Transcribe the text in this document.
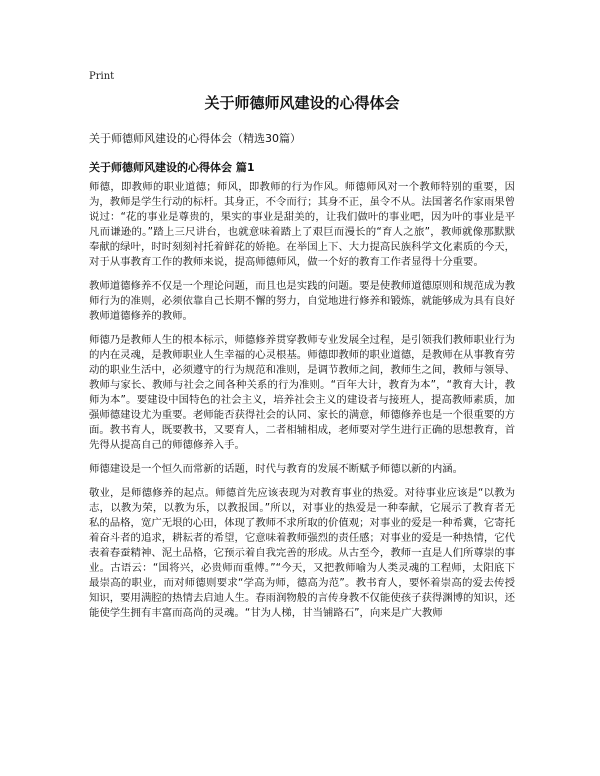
Print
关于师德师风建设的心得体会
关于师德师风建设的心得体会（精选30篇）
关于师德师风建设的心得体会 篇1

师德，即教师的职业道德；师风，即教师的行为作风。师德师风对一个教师特别的重要，因为，教师是学生行动的标杆。其身正，不令而行；其身不正，虽令不从。法国著名作家雨果曾说过：“花的事业是尊贵的，果实的事业是甜美的，让我们做叶的事业吧，因为叶的事业是平凡而谦逊的。”踏上三尺讲台，也就意味着踏上了艰巨而漫长的“育人之旅”，教师就像那默默奉献的绿叶，时时刻刻衬托着鲜花的娇艳。在举国上下、大力提高民族科学文化素质的今天，对于从事教育工作的教师来说，提高师德师风，做一个好的教育工作者显得十分重要。

教师道德修养不仅是一个理论问题，而且也是实践的问题。要是使教师道德原则和规范成为教师行为的准则，必须依靠自己长期不懈的努力，自觉地进行修养和锻炼，就能够成为具有良好教师道德修养的教师。

师德乃是教师人生的根本标示，师德修养贯穿教师专业发展全过程，是引领我们教师职业行为的内在灵魂，是教师职业人生幸福的心灵根基。师德即教师的职业道德，是教师在从事教育劳动的职业生活中，必须遵守的行为规范和准则，是调节教师之间，教师生之间，教师与领导、教师与家长、教师与社会之间各种关系的行为准则。“百年大计，教育为本”，“教育大计，教师为本”。要建设中国特色的社会主义，培养社会主义的建设者与接班人，提高教师素质，加强师德建设尤为重要。老师能否获得社会的认同、家长的满意，师德修养也是一个很重要的方面。教书育人，既要教书，又要育人，二者相辅相成，老师要对学生进行正确的思想教育，首先得从提高自己的师德修养入手。

师德建设是一个恒久而常新的话题，时代与教育的发展不断赋予师德以新的内涵。

敬业，是师德修养的起点。师德首先应该表现为对教育事业的热爱。对待事业应该是“以教为志，以教为荣，以教为乐，以教报国。”所以，对事业的热爱是一种奉献，它展示了教育者无私的品格，宽广无垠的心田，体现了教师不求所取的价值观；对事业的爱是一种希冀，它寄托着奋斗者的追求，耕耘者的希望，它意味着教师强烈的责任感；对事业的爱是一种热情，它代表着春蚕精神、泥土品格，它预示着自我完善的形成。从古至今，教师一直是人们所尊崇的事业。古语云：“国将兴，必贵师而重傅。”“今天，又把教师喻为人类灵魂的工程师，太阳底下最崇高的职业，而对师德则要求“学高为师，德高为范”。教书育人，要怀着崇高的爱去传授知识，要用满腔的热情去启迪人生。春雨润物般的言传身教不仅能使孩子获得渊博的知识，还能使学生拥有丰富而高尚的灵魂。“甘为人梯，甘当铺路石”，向来是广大教师
